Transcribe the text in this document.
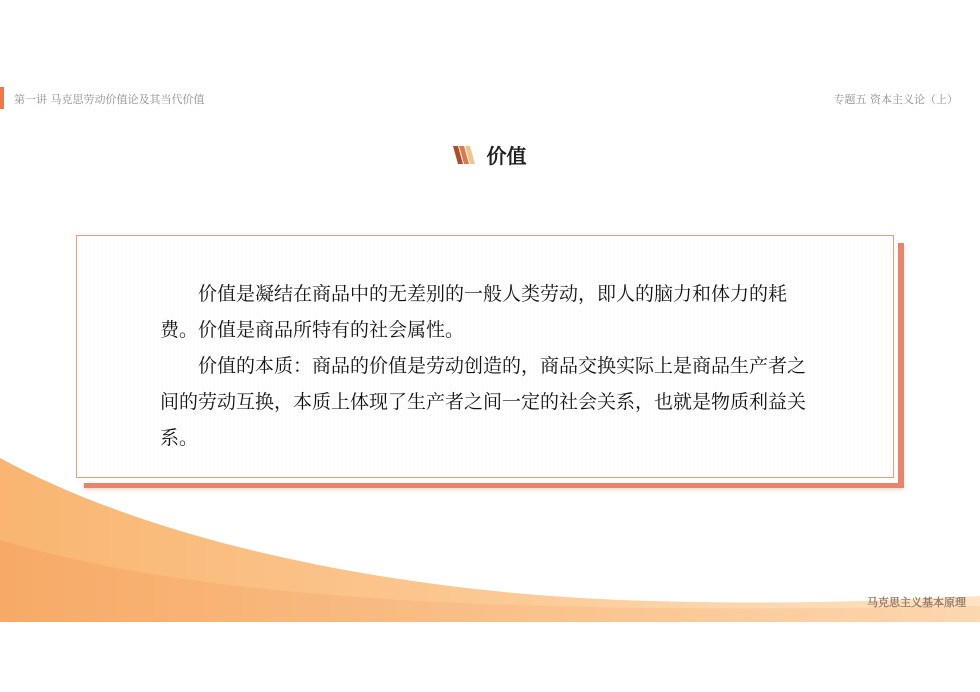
第一讲 马克思劳动价值论及其当代价值	专题五 资本主义论（上）
价值

价值是凝结在商品中的无差别的一般人类劳动，即人的脑力和体力的耗费。价值是商品所特有的社会属性。

价值的本质：商品的价值是劳动创造的，商品交换实际上是商品生产者之间的劳动互换，本质上体现了生产者之间一定的社会关系，也就是物质利益关系。

马克思主义基本原理
